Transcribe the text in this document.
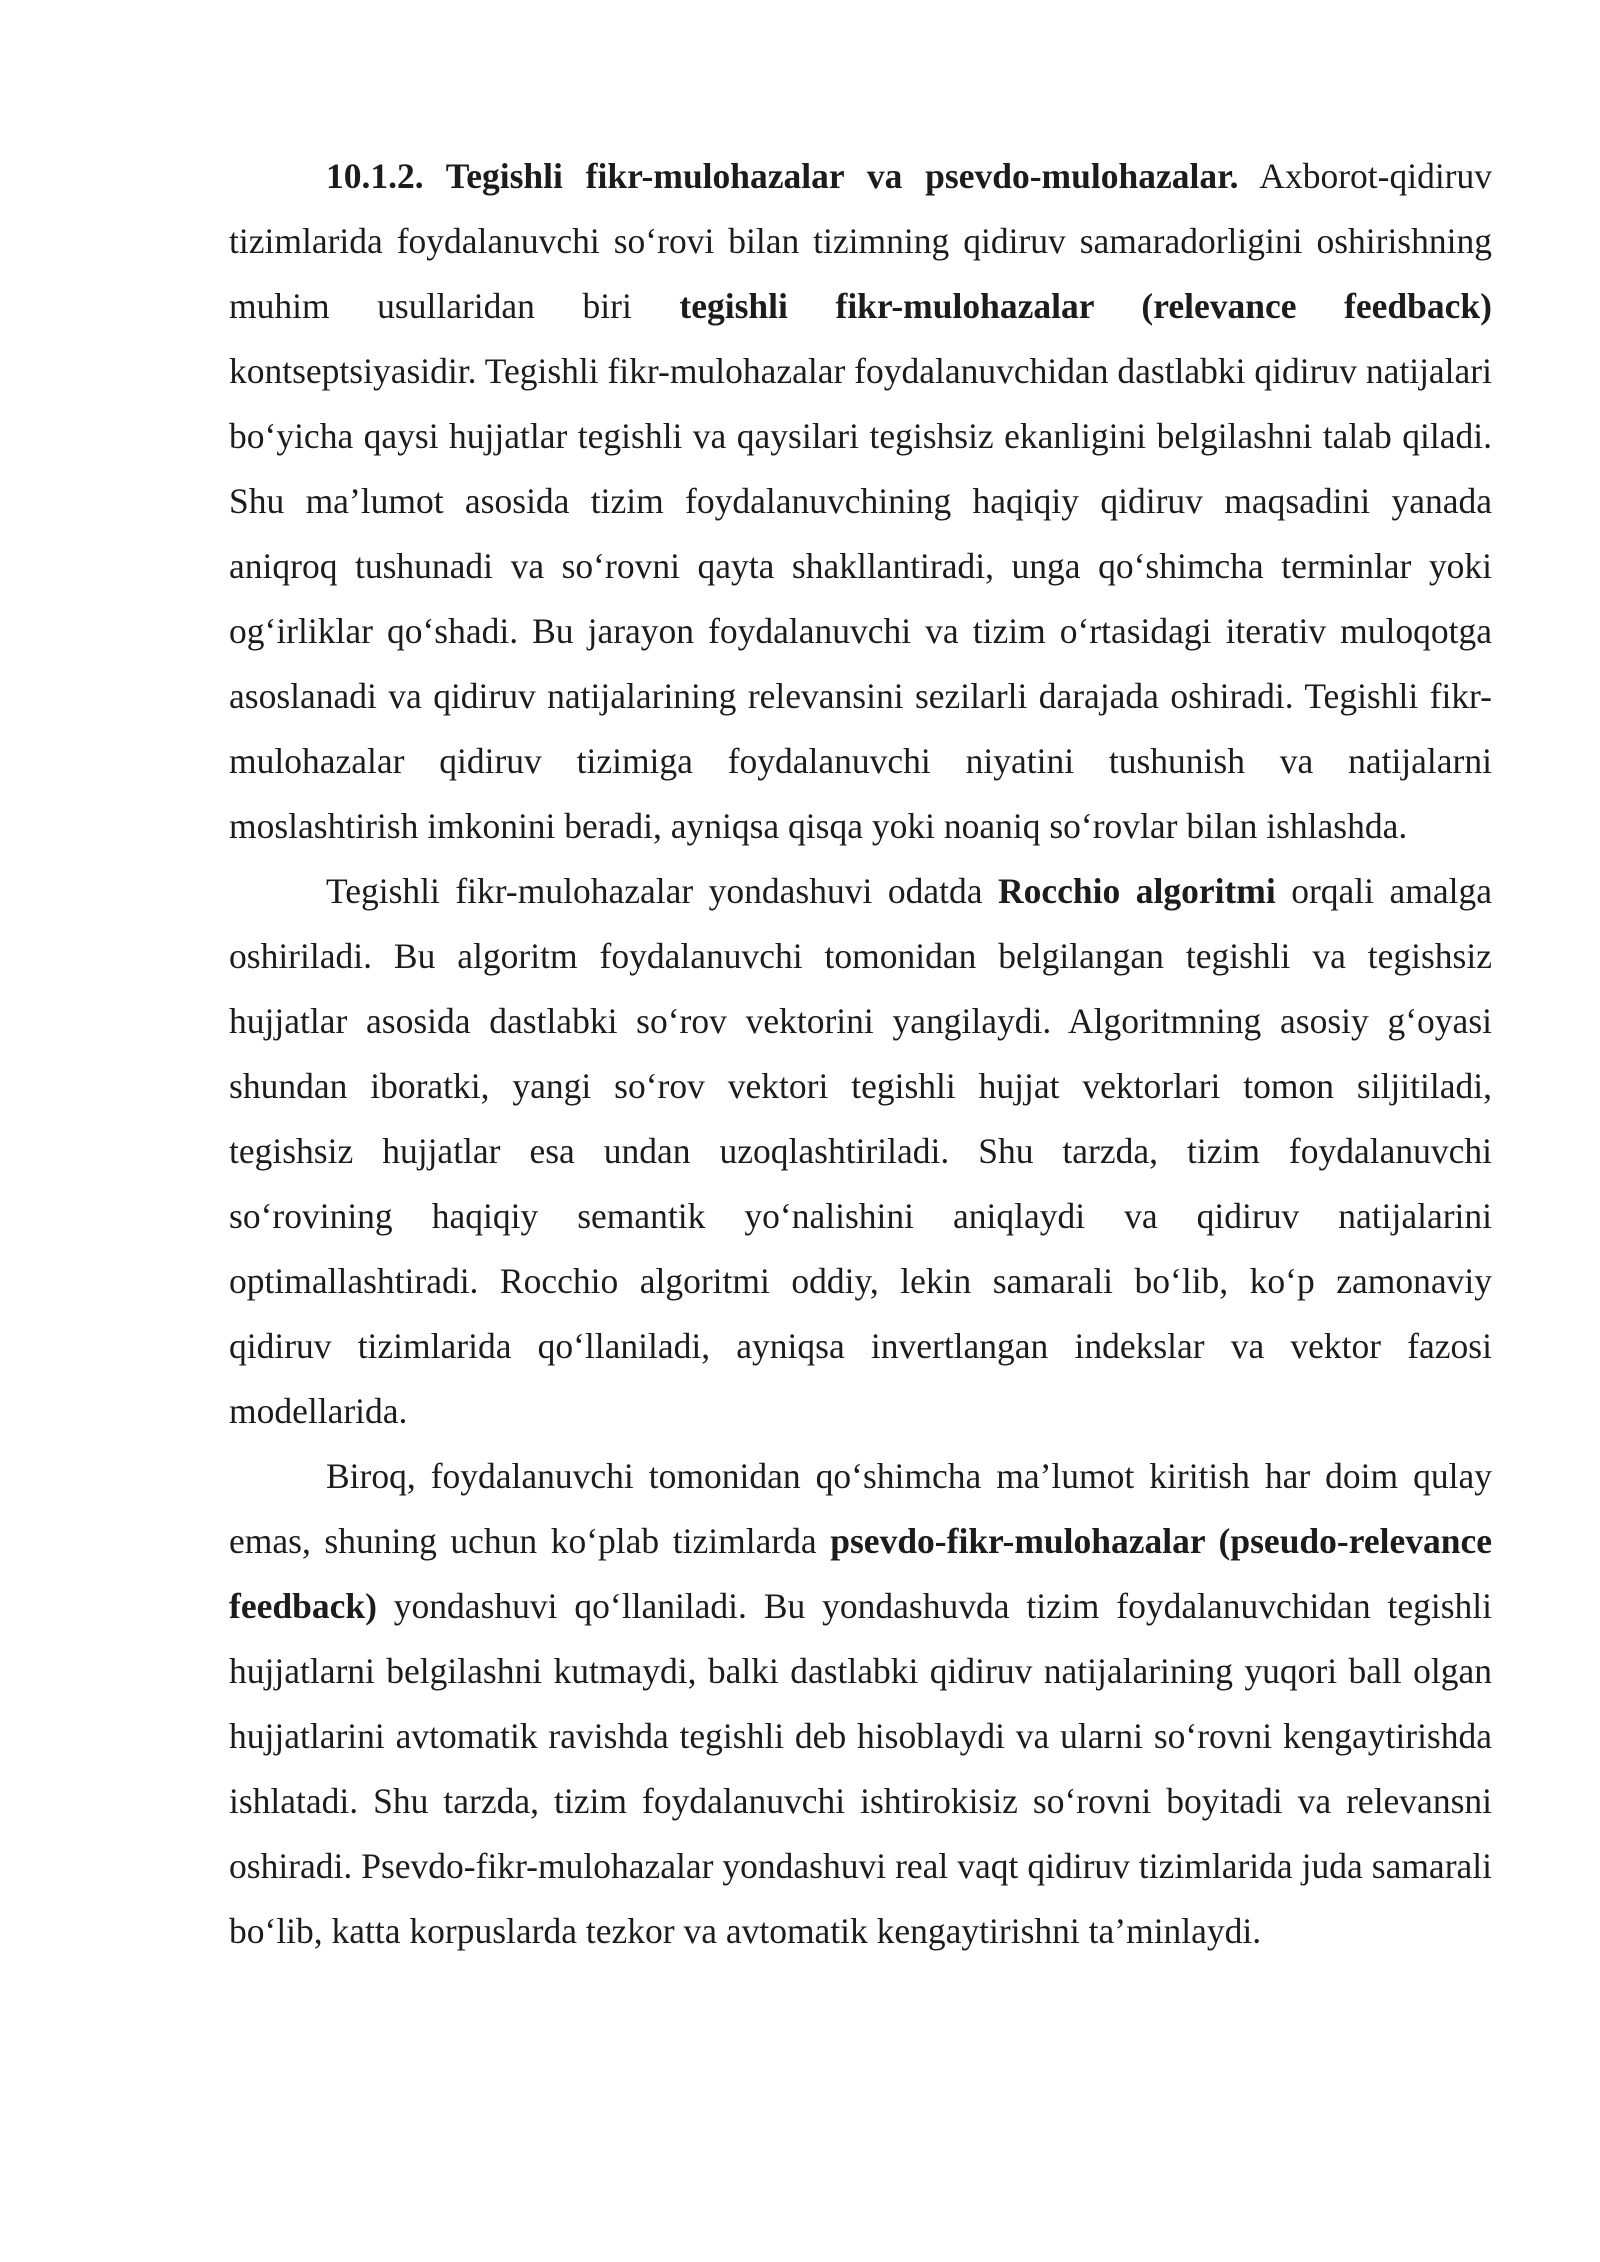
10.1.2. Tegishli fikr-mulohazalar va psevdo-mulohazalar. Axborot-qidiruv tizimlarida foydalanuvchi so‘rovi bilan tizimning qidiruv samaradorligini oshirishning muhim usullaridan biri tegishli fikr-mulohazalar (relevance feedback) kontseptsiyasidir. Tegishli fikr-mulohazalar foydalanuvchidan dastlabki qidiruv natijalari bo‘yicha qaysi hujjatlar tegishli va qaysilari tegishsiz ekanligini belgilashni talab qiladi. Shu ma’lumot asosida tizim foydalanuvchining haqiqiy qidiruv maqsadini yanada aniqroq tushunadi va so‘rovni qayta shakllantiradi, unga qo‘shimcha terminlar yoki og‘irliklar qo‘shadi. Bu jarayon foydalanuvchi va tizim o‘rtasidagi iterativ muloqotga asoslanadi va qidiruv natijalarining relevansini sezilarli darajada oshiradi. Tegishli fikr-mulohazalar qidiruv tizimiga foydalanuvchi niyatini tushunish va natijalarni moslashtirish imkonini beradi, ayniqsa qisqa yoki noaniq so‘rovlar bilan ishlashda.

Tegishli fikr-mulohazalar yondashuvi odatda Rocchio algoritmi orqali amalga oshiriladi. Bu algoritm foydalanuvchi tomonidan belgilangan tegishli va tegishsiz hujjatlar asosida dastlabki so‘rov vektorini yangilaydi. Algoritmning asosiy g‘oyasi shundan iboratki, yangi so‘rov vektori tegishli hujjat vektorlari tomon siljitiladi, tegishsiz hujjatlar esa undan uzoqlashtiriladi. Shu tarzda, tizim foydalanuvchi so‘rovining haqiqiy semantik yo‘nalishini aniqlaydi va qidiruv natijalarini optimallashtiradi. Rocchio algoritmi oddiy, lekin samarali bo‘lib, ko‘p zamonaviy qidiruv tizimlarida qo‘llaniladi, ayniqsa invertlangan indekslar va vektor fazosi modellarida.

Biroq, foydalanuvchi tomonidan qo‘shimcha ma’lumot kiritish har doim qulay emas, shuning uchun ko‘plab tizimlarda psevdo-fikr-mulohazalar (pseudo-relevance feedback) yondashuvi qo‘llaniladi. Bu yondashuvda tizim foydalanuvchidan tegishli hujjatlarni belgilashni kutmaydi, balki dastlabki qidiruv natijalarining yuqori ball olgan hujjatlarini avtomatik ravishda tegishli deb hisoblaydi va ularni so‘rovni kengaytirishda ishlatadi. Shu tarzda, tizim foydalanuvchi ishtirokisiz so‘rovni boyitadi va relevansni oshiradi. Psevdo-fikr-mulohazalar yondashuvi real vaqt qidiruv tizimlarida juda samarali bo‘lib, katta korpuslarda tezkor va avtomatik kengaytirishni ta’minlaydi.
